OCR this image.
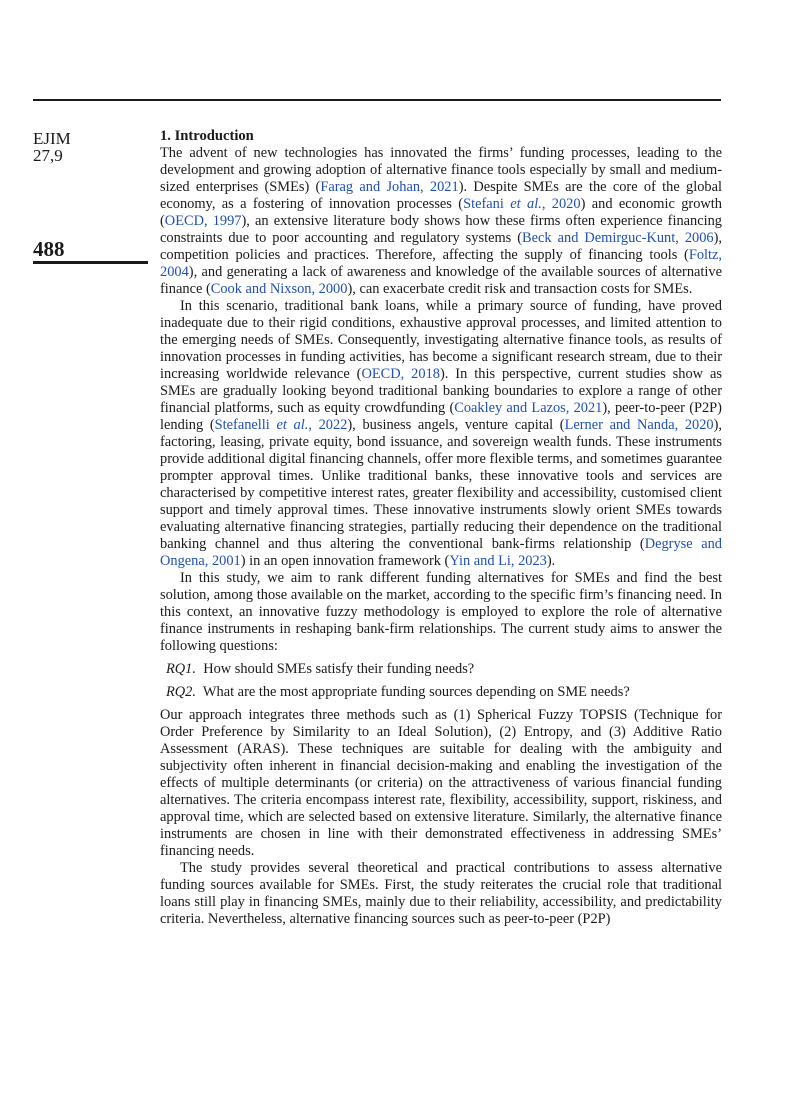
EJIM
27,9
488
1. Introduction

The advent of new technologies has innovated the firms’ funding processes, leading to the development and growing adoption of alternative finance tools especially by small and medium-sized enterprises (SMEs) (Farag and Johan, 2021). Despite SMEs are the core of the global economy, as a fostering of innovation processes (Stefani et al., 2020) and economic growth (OECD, 1997), an extensive literature body shows how these firms often experience financing constraints due to poor accounting and regulatory systems (Beck and Demirguc-Kunt, 2006), competition policies and practices. Therefore, affecting the supply of financing tools (Foltz, 2004), and generating a lack of awareness and knowledge of the available sources of alternative finance (Cook and Nixson, 2000), can exacerbate credit risk and transaction costs for SMEs.

In this scenario, traditional bank loans, while a primary source of funding, have proved inadequate due to their rigid conditions, exhaustive approval processes, and limited attention to the emerging needs of SMEs. Consequently, investigating alternative finance tools, as results of innovation processes in funding activities, has become a significant research stream, due to their increasing worldwide relevance (OECD, 2018). In this perspective, current studies show as SMEs are gradually looking beyond traditional banking boundaries to explore a range of other financial platforms, such as equity crowdfunding (Coakley and Lazos, 2021), peer-to-peer (P2P) lending (Stefanelli et al., 2022), business angels, venture capital (Lerner and Nanda, 2020), factoring, leasing, private equity, bond issuance, and sovereign wealth funds. These instruments provide additional digital financing channels, offer more flexible terms, and sometimes guarantee prompter approval times. Unlike traditional banks, these innovative tools and services are characterised by competitive interest rates, greater flexibility and accessibility, customised client support and timely approval times. These innovative instruments slowly orient SMEs towards evaluating alternative financing strategies, partially reducing their dependence on the traditional banking channel and thus altering the conventional bank-firms relationship (Degryse and Ongena, 2001) in an open innovation framework (Yin and Li, 2023).

In this study, we aim to rank different funding alternatives for SMEs and find the best solution, among those available on the market, according to the specific firm’s financing need. In this context, an innovative fuzzy methodology is employed to explore the role of alternative finance instruments in reshaping bank-firm relationships. The current study aims to answer the following questions:

RQ1. How should SMEs satisfy their funding needs?
RQ2. What are the most appropriate funding sources depending on SME needs?

Our approach integrates three methods such as (1) Spherical Fuzzy TOPSIS (Technique for Order Preference by Similarity to an Ideal Solution), (2) Entropy, and (3) Additive Ratio Assessment (ARAS). These techniques are suitable for dealing with the ambiguity and subjectivity often inherent in financial decision-making and enabling the investigation of the effects of multiple determinants (or criteria) on the attractiveness of various financial funding alternatives. The criteria encompass interest rate, flexibility, accessibility, support, riskiness, and approval time, which are selected based on extensive literature. Similarly, the alternative finance instruments are chosen in line with their demonstrated effectiveness in addressing SMEs’ financing needs.

The study provides several theoretical and practical contributions to assess alternative funding sources available for SMEs. First, the study reiterates the crucial role that traditional loans still play in financing SMEs, mainly due to their reliability, accessibility, and predictability criteria. Nevertheless, alternative financing sources such as peer-to-peer (P2P)
